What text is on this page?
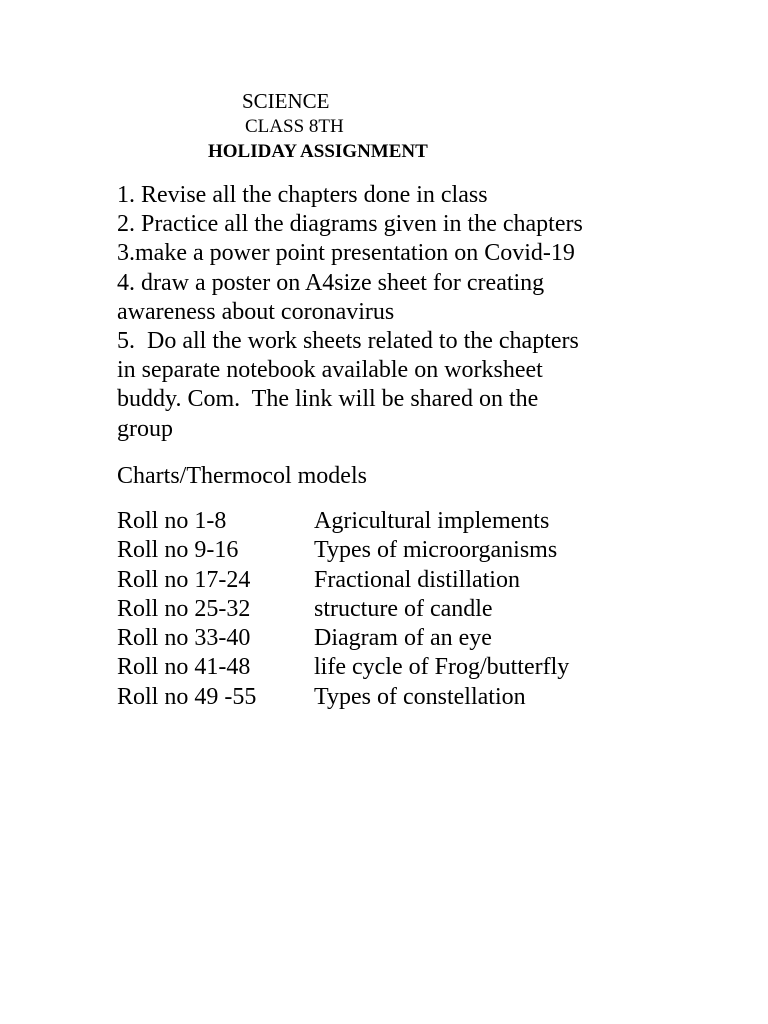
SCIENCE
CLASS 8TH
HOLIDAY ASSIGNMENT
1. Revise all the chapters done in class
2. Practice all the diagrams given in the chapters
3.make a power point presentation on Covid-19
4. draw a poster on A4size sheet for creating
awareness about coronavirus
5.  Do all the work sheets related to the chapters
in separate notebook available on worksheet
buddy. Com.  The link will be shared on the
group
Charts/Thermocol models
Roll no 1-8	Agricultural implements
Roll no 9-16	Types of microorganisms
Roll no 17-24	Fractional distillation
Roll no 25-32	structure of candle
Roll no 33-40	Diagram of an eye
Roll no 41-48	life cycle of Frog/butterfly
Roll no 49 -55	Types of constellation
